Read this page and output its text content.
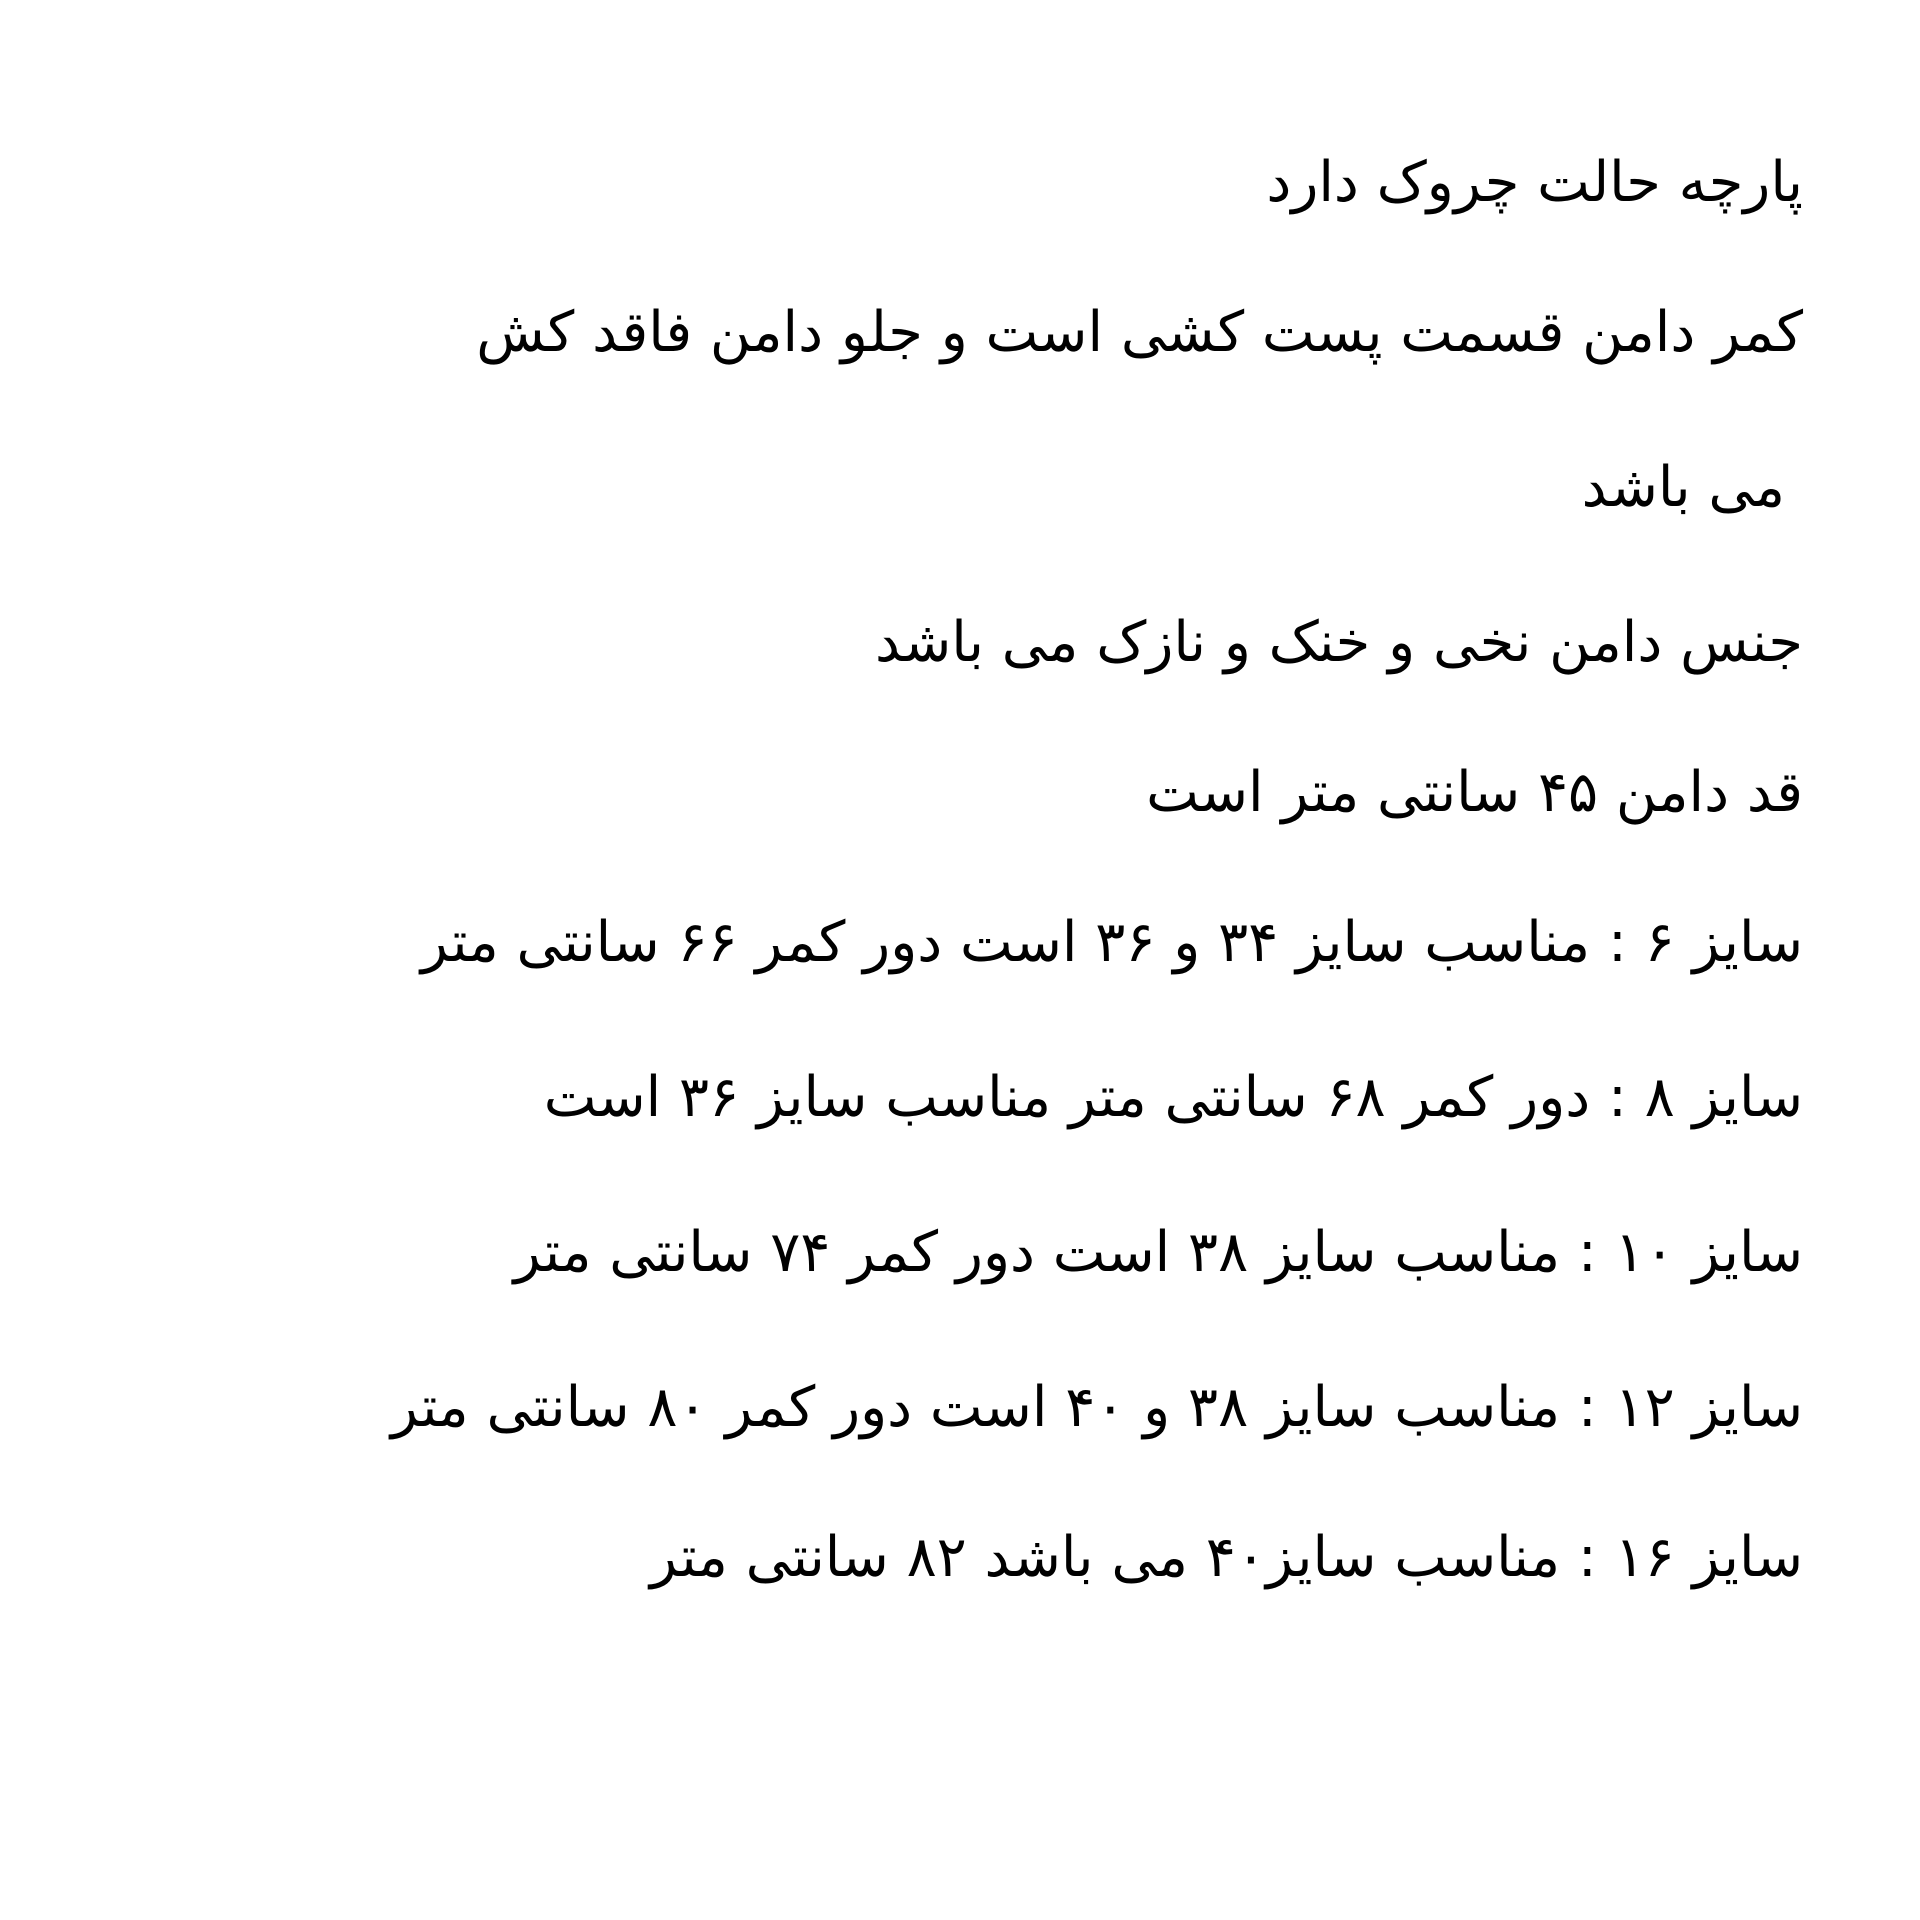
پارچه حالت چروک دارد
کمر دامن قسمت پست کشی است و جلو دامن فاقد کش
می باشد
جنس دامن نخی و خنک و نازک می باشد
قد دامن ۴۵ سانتی متر است
سایز ۶ : مناسب سایز ۳۴ و ۳۶ است دور کمر ۶۶ سانتی متر
سایز ۸ : دور کمر ۶۸ سانتی متر مناسب سایز ۳۶ است
سایز ۱۰ : مناسب سایز ۳۸ است دور کمر ۷۴ سانتی متر
سایز ۱۲ : مناسب سایز ۳۸ و ۴۰ است دور کمر ۸۰ سانتی متر
سایز ۱۶ : مناسب سایز۴۰ می باشد ۸۲ سانتی متر
